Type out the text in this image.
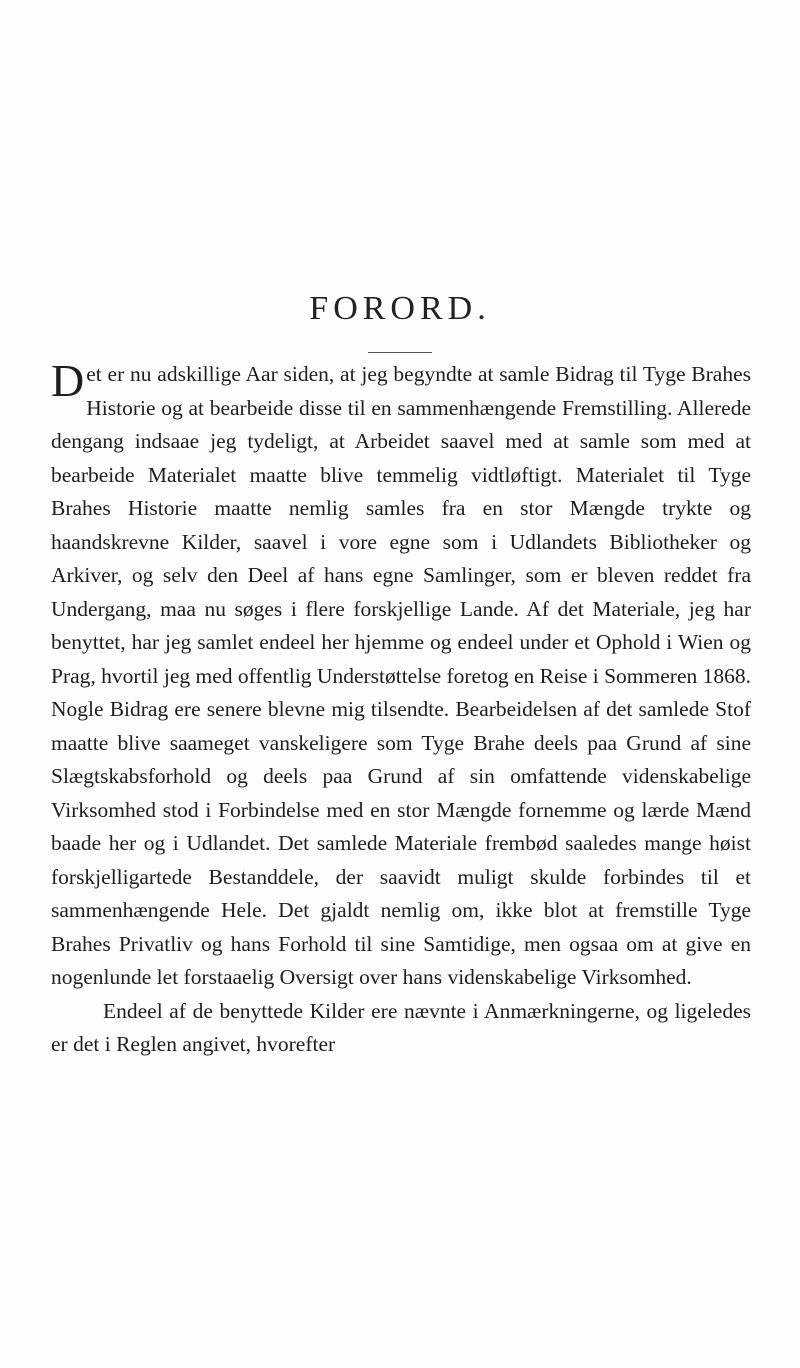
FORORD.

Det er nu adskillige Aar siden, at jeg begyndte at samle Bidrag til Tyge Brahes Historie og at bearbeide disse til en sammenhængende Fremstilling. Allerede dengang indsaae jeg tydeligt, at Arbeidet saavel med at samle som med at bearbeide Materialet maatte blive temmelig vidtløftigt. Materialet til Tyge Brahes Historie maatte nemlig samles fra en stor Mængde trykte og haandskrevne Kilder, saavel i vore egne som i Udlandets Bibliotheker og Arkiver, og selv den Deel af hans egne Samlinger, som er bleven reddet fra Undergang, maa nu søges i flere forskjellige Lande. Af det Materiale, jeg har benyttet, har jeg samlet endeel her hjemme og endeel under et Ophold i Wien og Prag, hvortil jeg med offentlig Understøttelse foretog en Reise i Sommeren 1868. Nogle Bidrag ere senere blevne mig tilsendte. Bearbeidelsen af det samlede Stof maatte blive saameget vanskeligere som Tyge Brahe deels paa Grund af sine Slægtskabsforhold og deels paa Grund af sin omfattende videnskabelige Virksomhed stod i Forbindelse med en stor Mængde fornemme og lærde Mænd baade her og i Udlandet. Det samlede Materiale frembød saaledes mange høist forskjelligartede Bestanddele, der saavidt muligt skulde forbindes til et sammenhængende Hele. Det gjaldt nemlig om, ikke blot at fremstille Tyge Brahes Privatliv og hans Forhold til sine Samtidige, men ogsaa om at give en nogenlunde let forstaaelig Oversigt over hans videnskabelige Virksomhed.

Endeel af de benyttede Kilder ere nævnte i Anmærkningerne, og ligeledes er det i Reglen angivet, hvorefter
